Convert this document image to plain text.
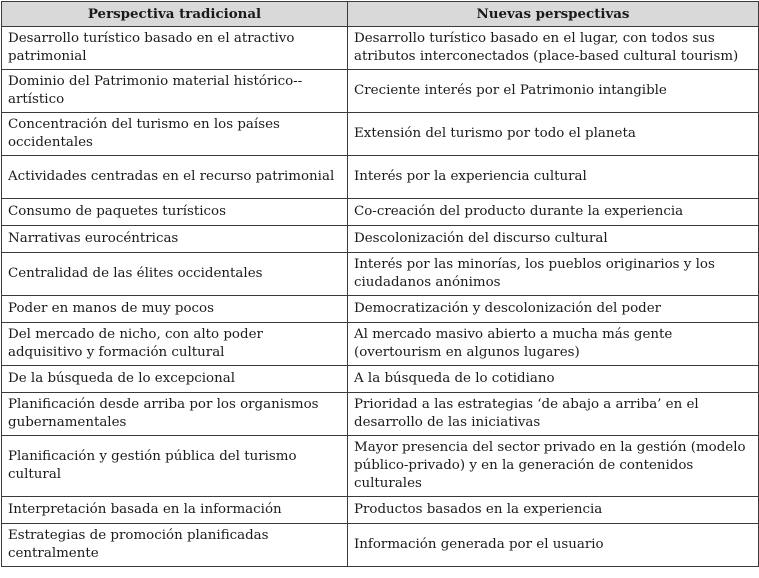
Perspectiva tradicional	Nuevas perspectivas
Desarrollo turístico basado en el atractivo patrimonial	Desarrollo turístico basado en el lugar, con todos sus atributos interconectados (place-based cultural tourism)
Dominio del Patrimonio material histórico--artístico	Creciente interés por el Patrimonio intangible
Concentración del turismo en los países occidentales	Extensión del turismo por todo el planeta
Actividades centradas en el recurso patrimonial	Interés por la experiencia cultural
Consumo de paquetes turísticos	Co-creación del producto durante la experiencia
Narrativas eurocéntricas	Descolonización del discurso cultural
Centralidad de las élites occidentales	Interés por las minorías, los pueblos originarios y los ciudadanos anónimos
Poder en manos de muy pocos	Democratización y descolonización del poder
Del mercado de nicho, con alto poder adquisitivo y formación cultural	Al mercado masivo abierto a mucha más gente (overtourism en algunos lugares)
De la búsqueda de lo excepcional	A la búsqueda de lo cotidiano
Planificación desde arriba por los organismos gubernamentales	Prioridad a las estrategias ‘de abajo a arriba’ en el desarrollo de las iniciativas
Planificación y gestión pública del turismo cultural	Mayor presencia del sector privado en la gestión (modelo público-privado) y en la generación de contenidos culturales
Interpretación basada en la información	Productos basados en la experiencia
Estrategias de promoción planificadas centralmente	Información generada por el usuario
